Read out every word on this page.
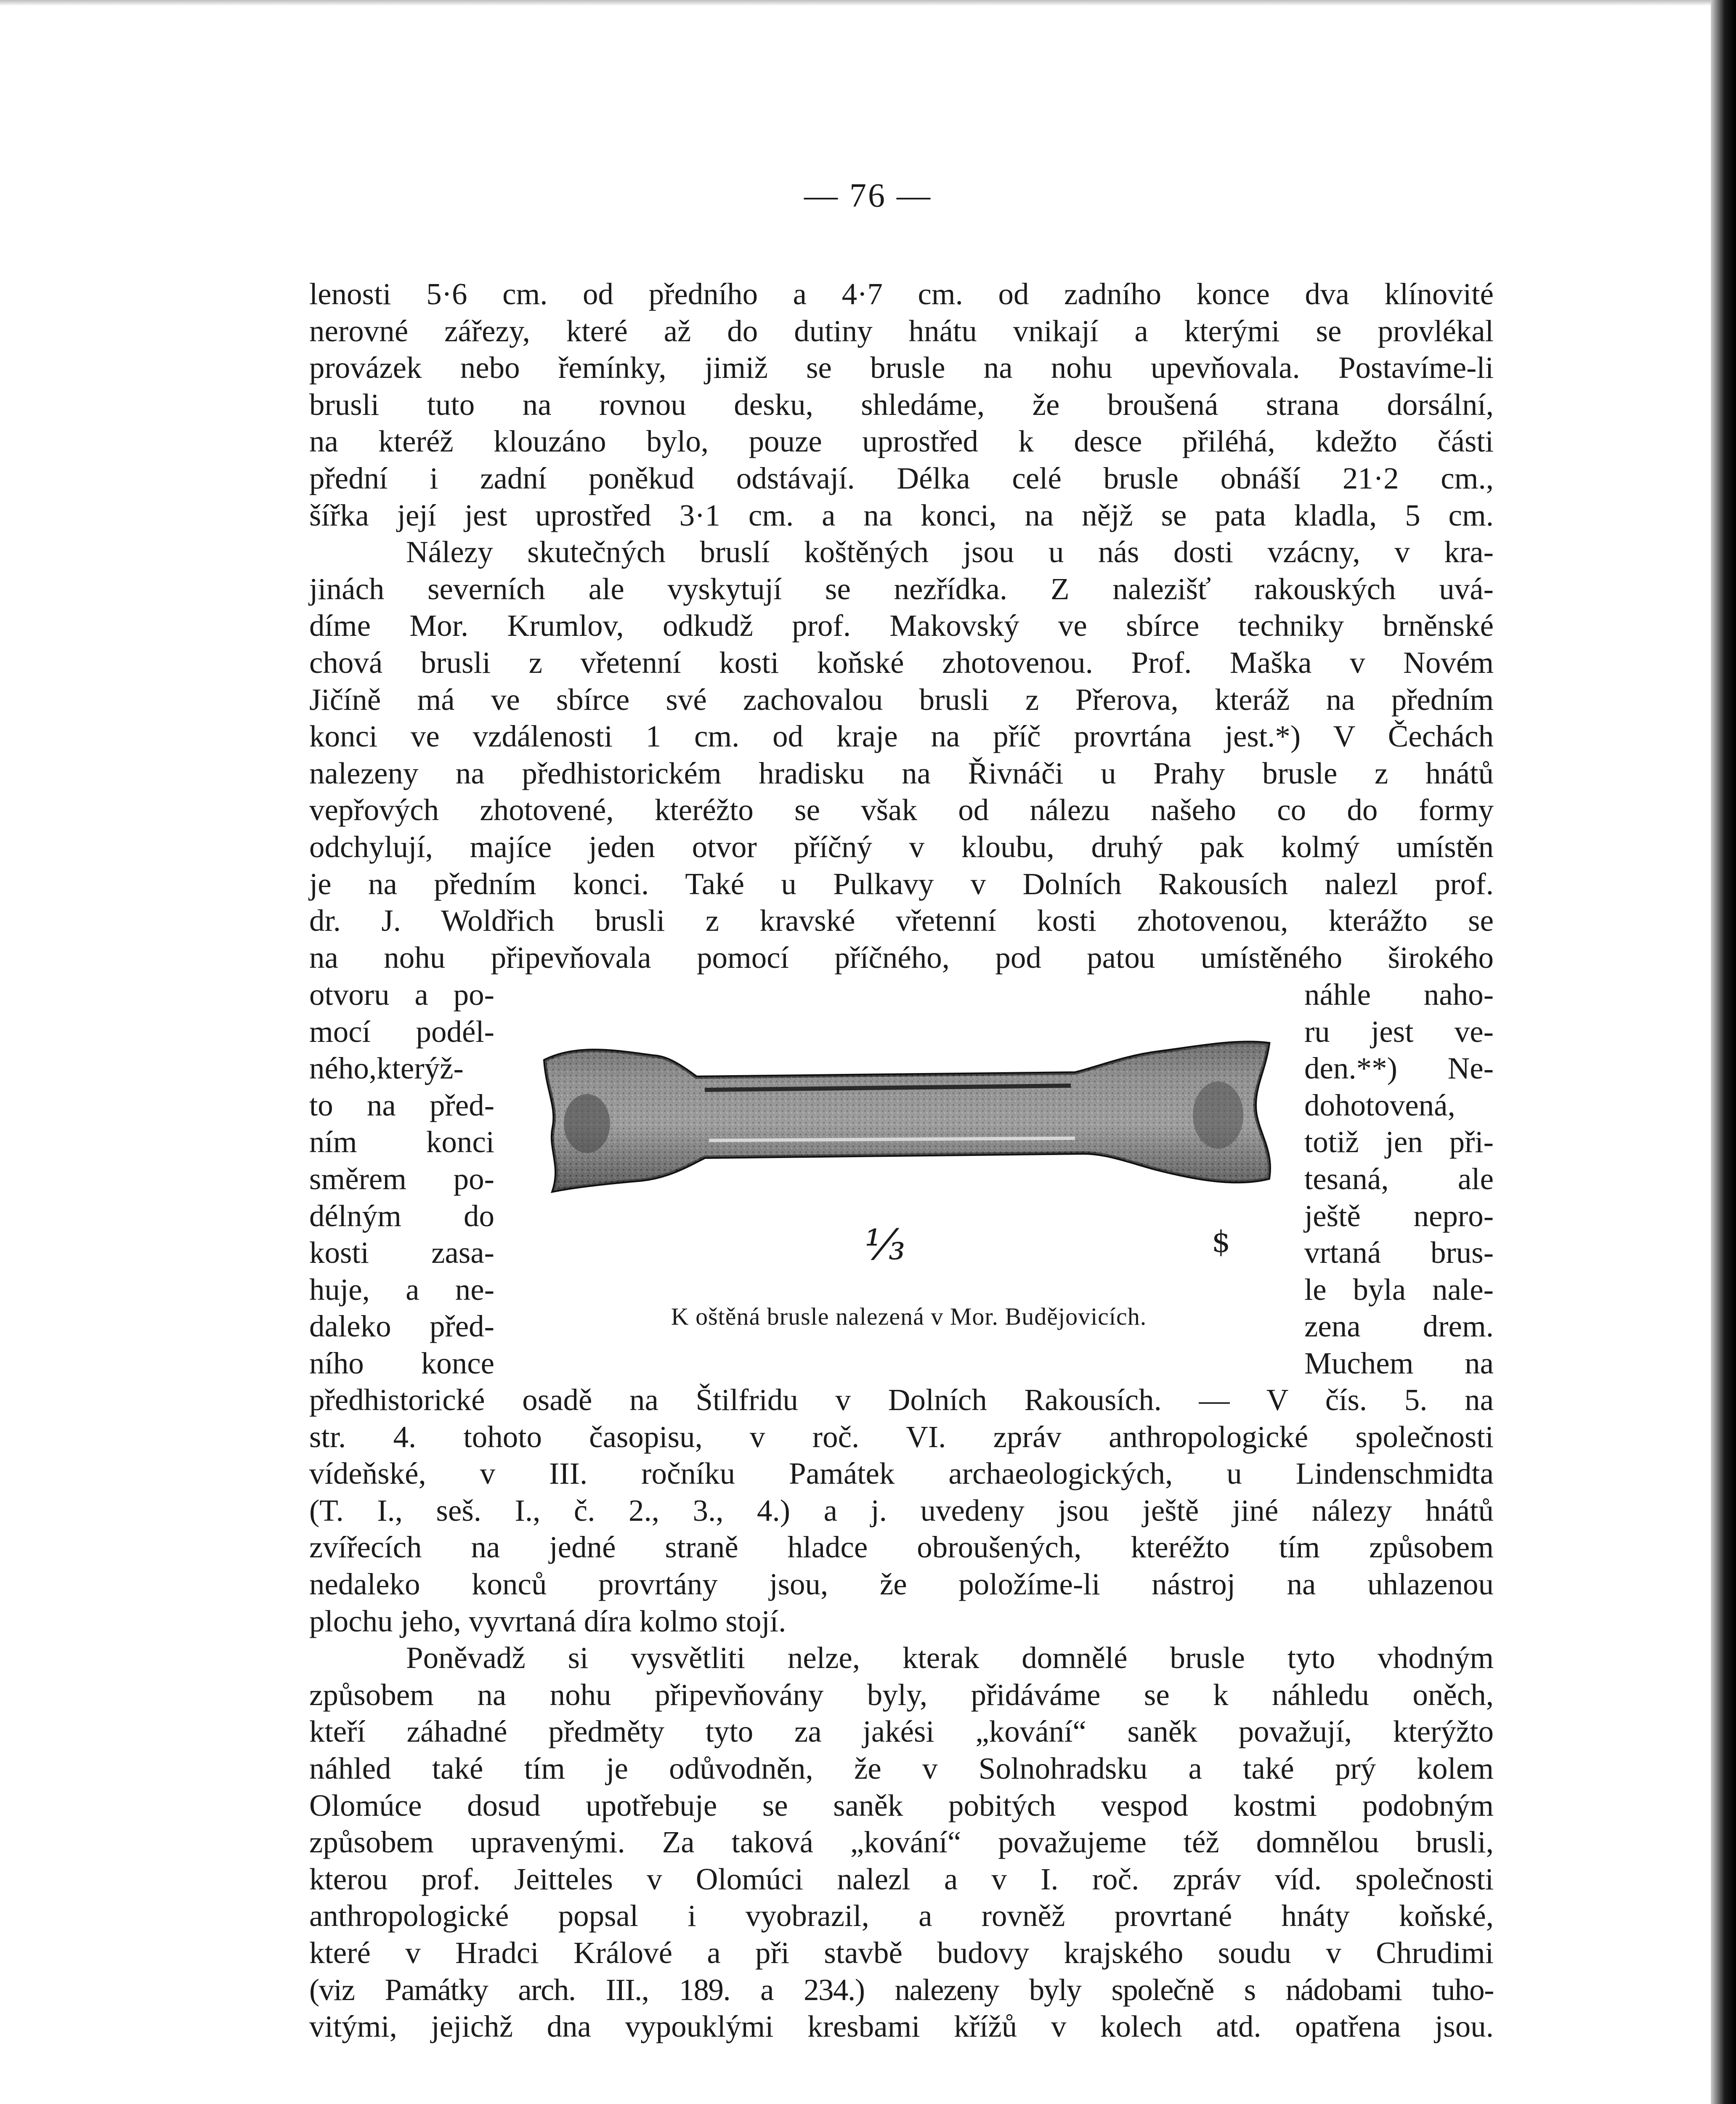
— 76 —
lenosti 5·6 cm. od předního a 4·7 cm. od zadního konce dva klínovité
nerovné zářezy, které až do dutiny hnátu vnikají a kterými se provlékal
provázek nebo řemínky, jimiž se brusle na nohu upevňovala. Postavíme-li
brusli tuto na rovnou desku, shledáme, že broušená strana dorsální,
na kteréž klouzáno bylo, pouze uprostřed k desce přiléhá, kdežto části
přední i zadní poněkud odstávají. Délka celé brusle obnáší 21·2 cm.,
šířka její jest uprostřed 3·1 cm. a na konci, na nějž se pata kladla, 5 cm.
Nálezy skutečných bruslí koštěných jsou u nás dosti vzácny, v kra-
jinách severních ale vyskytují se nezřídka. Z nalezišť rakouských uvá-
díme Mor. Krumlov, odkudž prof. Makovský ve sbírce techniky brněnské
chová brusli z vřetenní kosti koňské zhotovenou. Prof. Maška v Novém
Jičíně má ve sbírce své zachovalou brusli z Přerova, kteráž na předním
konci ve vzdálenosti 1 cm. od kraje na příč provrtána jest.*) V Čechách
nalezeny na předhistorickém hradisku na Řivnáči u Prahy brusle z hnátů
vepřových zhotovené, kteréžto se však od nálezu našeho co do formy
odchylují, majíce jeden otvor příčný v kloubu, druhý pak kolmý umístěn
je na předním konci. Také u Pulkavy v Dolních Rakousích nalezl prof.
dr. J. Woldřich brusli z kravské vřetenní kosti zhotovenou, kterážto se
na nohu připevňovala pomocí příčného, pod patou umístěného širokého
otvoru a po-
mocí podél-
ného,kterýž-
to na před-
ním konci
směrem po-
délným do
kosti zasa-
huje, a ne-
daleko před-
ního konce
náhle naho-
ru jest ve-
den.**) Ne-
dohotovená,
totiž jen při-
tesaná, ale
ještě nepro-
vrtaná brus-
le byla nale-
zena drem.
Muchem na
⅓	$
K oštěná brusle nalezená v Mor. Budějovicích.
předhistorické osadě na Štilfridu v Dolních Rakousích. — V čís. 5. na
str. 4. tohoto časopisu, v roč. VI. zpráv anthropologické společnosti
vídeňské, v III. ročníku Památek archaeologických, u Lindenschmidta
(T. I., seš. I., č. 2., 3., 4.) a j. uvedeny jsou ještě jiné nálezy hnátů
zvířecích na jedné straně hladce obroušených, kteréžto tím způsobem
nedaleko konců provrtány jsou, že položíme-li nástroj na uhlazenou
plochu jeho, vyvrtaná díra kolmo stojí.
Poněvadž si vysvětliti nelze, kterak domnělé brusle tyto vhodným
způsobem na nohu připevňovány byly, přidáváme se k náhledu oněch,
kteří záhadné předměty tyto za jakési „kování“ saněk považují, kterýžto
náhled také tím je odůvodněn, že v Solnohradsku a také prý kolem
Olomúce dosud upotřebuje se saněk pobitých vespod kostmi podobným
způsobem upravenými. Za taková „kování“ považujeme též domnělou brusli,
kterou prof. Jeitteles v Olomúci nalezl a v I. roč. zpráv víd. společnosti
anthropologické popsal i vyobrazil, a rovněž provrtané hnáty koňské,
které v Hradci Králové a při stavbě budovy krajského soudu v Chrudimi
(viz Památky arch. III., 189. a 234.) nalezeny byly společně s nádobami tuho-
vitými, jejichž dna vypouklými kresbami křížů v kolech atd. opatřena jsou.
